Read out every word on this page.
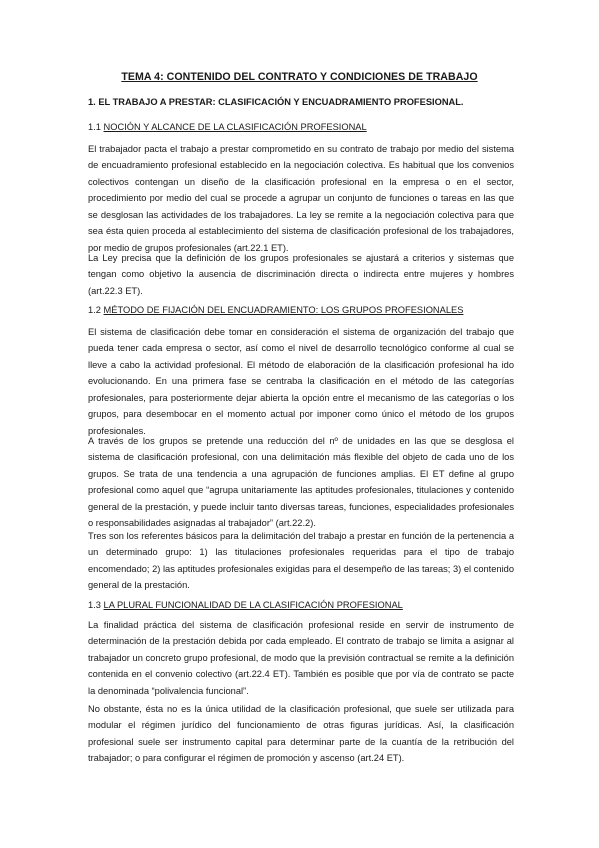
TEMA 4: CONTENIDO DEL CONTRATO Y CONDICIONES DE TRABAJO
1. EL TRABAJO A PRESTAR: CLASIFICACIÓN Y ENCUADRAMIENTO PROFESIONAL.
1.1 NOCIÓN Y ALCANCE DE LA CLASIFICACIÓN PROFESIONAL

El trabajador pacta el trabajo a prestar comprometido en su contrato de trabajo por medio del sistema de encuadramiento profesional establecido en la negociación colectiva. Es habitual que los convenios colectivos contengan un diseño de la clasificación profesional en la empresa o en el sector, procedimiento por medio del cual se procede a agrupar un conjunto de funciones o tareas en las que se desglosan las actividades de los trabajadores. La ley se remite a la negociación colectiva para que sea ésta quien proceda al establecimiento del sistema de clasificación profesional de los trabajadores, por medio de grupos profesionales (art.22.1 ET).

La Ley precisa que la definición de los grupos profesionales se ajustará a criterios y sistemas que tengan como objetivo la ausencia de discriminación directa o indirecta entre mujeres y hombres (art.22.3 ET).

1.2 MÉTODO DE FIJACIÓN DEL ENCUADRAMIENTO: LOS GRUPOS PROFESIONALES

El sistema de clasificación debe tomar en consideración el sistema de organización del trabajo que pueda tener cada empresa o sector, así como el nivel de desarrollo tecnológico conforme al cual se lleve a cabo la actividad profesional. El método de elaboración de la clasificación profesional ha ido evolucionando. En una primera fase se centraba la clasificación en el método de las categorías profesionales, para posteriormente dejar abierta la opción entre el mecanismo de las categorías o los grupos, para desembocar en el momento actual por imponer como único el método de los grupos profesionales.

A través de los grupos se pretende una reducción del nº de unidades en las que se desglosa el sistema de clasificación profesional, con una delimitación más flexible del objeto de cada uno de los grupos. Se trata de una tendencia a una agrupación de funciones amplias. El ET define al grupo profesional como aquel que “agrupa unitariamente las aptitudes profesionales, titulaciones y contenido general de la prestación, y puede incluir tanto diversas tareas, funciones, especialidades profesionales o responsabilidades asignadas al trabajador” (art.22.2).

Tres son los referentes básicos para la delimitación del trabajo a prestar en función de la pertenencia a un determinado grupo: 1) las titulaciones profesionales requeridas para el tipo de trabajo encomendado; 2) las aptitudes profesionales exigidas para el desempeño de las tareas; 3) el contenido general de la prestación.

1.3 LA PLURAL FUNCIONALIDAD DE LA CLASIFICACIÓN PROFESIONAL

La finalidad práctica del sistema de clasificación profesional reside en servir de instrumento de determinación de la prestación debida por cada empleado. El contrato de trabajo se limita a asignar al trabajador un concreto grupo profesional, de modo que la previsión contractual se remite a la definición contenida en el convenio colectivo (art.22.4 ET). También es posible que por vía de contrato se pacte la denominada “polivalencia funcional”.

No obstante, ésta no es la única utilidad de la clasificación profesional, que suele ser utilizada para modular el régimen jurídico del funcionamiento de otras figuras jurídicas. Así, la clasificación profesional suele ser instrumento capital para determinar parte de la cuantía de la retribución del trabajador; o para configurar el régimen de promoción y ascenso (art.24 ET).
